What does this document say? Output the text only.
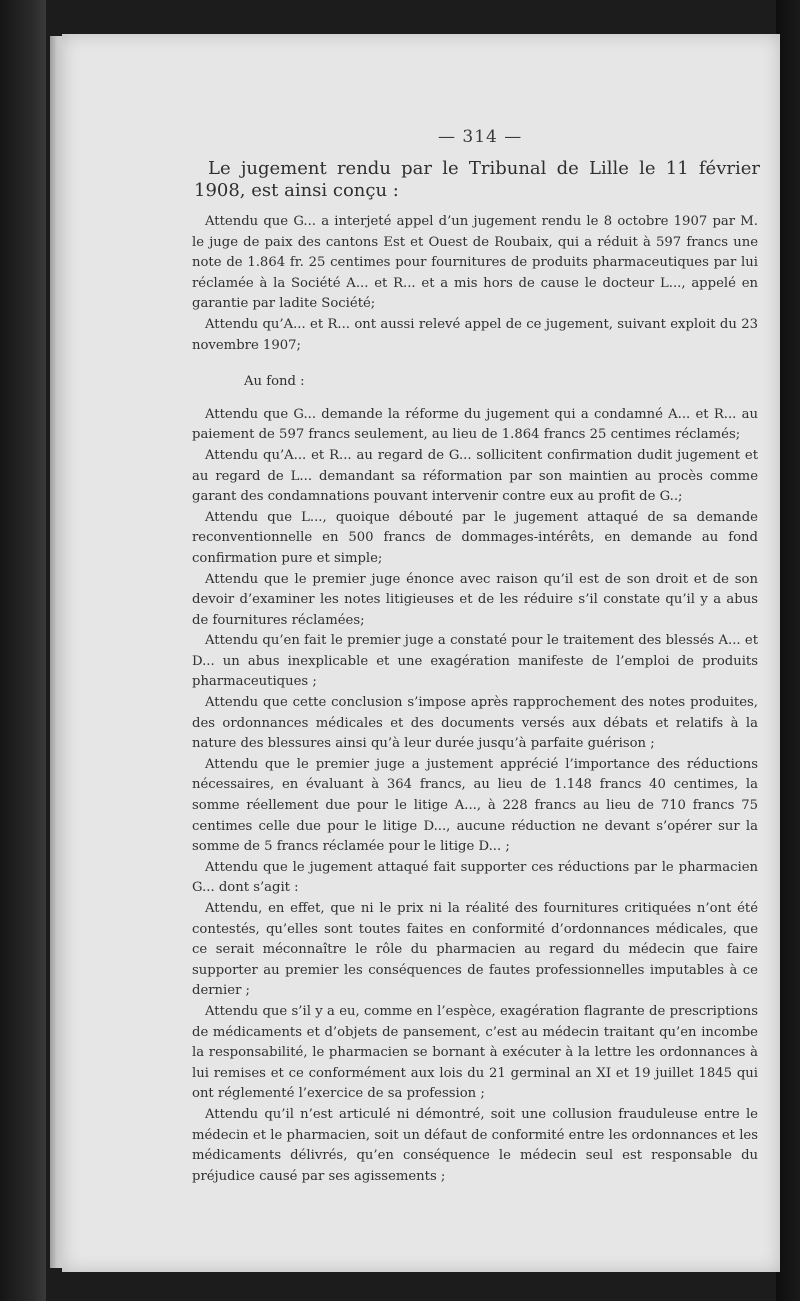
— 314 —
Le jugement rendu par le Tribunal de Lille le 11 février 1908, est ainsi conçu :

Attendu que G... a interjeté appel d’un jugement rendu le 8 octobre 1907 par M. le juge de paix des cantons Est et Ouest de Roubaix, qui a réduit à 597 francs une note de 1.864 fr. 25 centimes pour fournitures de produits pharmaceutiques par lui réclamée à la Société A... et R... et a mis hors de cause le docteur L..., appelé en garantie par ladite Société;

Attendu qu’A... et R... ont aussi relevé appel de ce jugement, suivant exploit du 23 novembre 1907;

Au fond :

Attendu que G... demande la réforme du jugement qui a condamné A... et R... au paiement de 597 francs seulement, au lieu de 1.864 francs 25 centimes réclamés;

Attendu qu’A... et R... au regard de G... sollicitent confirmation dudit jugement et au regard de L... demandant sa réformation par son maintien au procès comme garant des condamnations pouvant intervenir contre eux au profit de G..;

Attendu que L..., quoique débouté par le jugement attaqué de sa demande reconventionnelle en 500 francs de dommages-intérêts, en demande au fond confirmation pure et simple;

Attendu que le premier juge énonce avec raison qu’il est de son droit et de son devoir d’examiner les notes litigieuses et de les réduire s’il constate qu’il y a abus de fournitures réclamées;

Attendu qu’en fait le premier juge a constaté pour le traitement des blessés A... et D... un abus inexplicable et une exagération manifeste de l’emploi de produits pharmaceutiques ;

Attendu que cette conclusion s’impose après rapprochement des notes produites, des ordonnances médicales et des documents versés aux débats et relatifs à la nature des blessures ainsi qu’à leur durée jusqu’à parfaite guérison ;

Attendu que le premier juge a justement apprécié l’importance des réductions nécessaires, en évaluant à 364 francs, au lieu de 1.148 francs 40 centimes, la somme réellement due pour le litige A..., à 228 francs au lieu de 710 francs 75 centimes celle due pour le litige D..., aucune réduction ne devant s’opérer sur la somme de 5 francs réclamée pour le litige D... ;

Attendu que le jugement attaqué fait supporter ces réductions par le pharmacien G... dont s’agit :

Attendu, en effet, que ni le prix ni la réalité des fournitures critiquées n’ont été contestés, qu’elles sont toutes faites en conformité d’ordonnances médicales, que ce serait méconnaître le rôle du pharmacien au regard du médecin que faire supporter au premier les conséquences de fautes professionnelles imputables à ce dernier ;

Attendu que s’il y a eu, comme en l’espèce, exagération flagrante de prescriptions de médicaments et d’objets de pansement, c’est au médecin traitant qu’en incombe la responsabilité, le pharmacien se bornant à exécuter à la lettre les ordonnances à lui remises et ce conformément aux lois du 21 germinal an XI et 19 juillet 1845 qui ont réglementé l’exercice de sa profession ;

Attendu qu’il n’est articulé ni démontré, soit une collusion frauduleuse entre le médecin et le pharmacien, soit un défaut de conformité entre les ordonnances et les médicaments délivrés, qu’en conséquence le médecin seul est responsable du préjudice causé par ses agissements ;
